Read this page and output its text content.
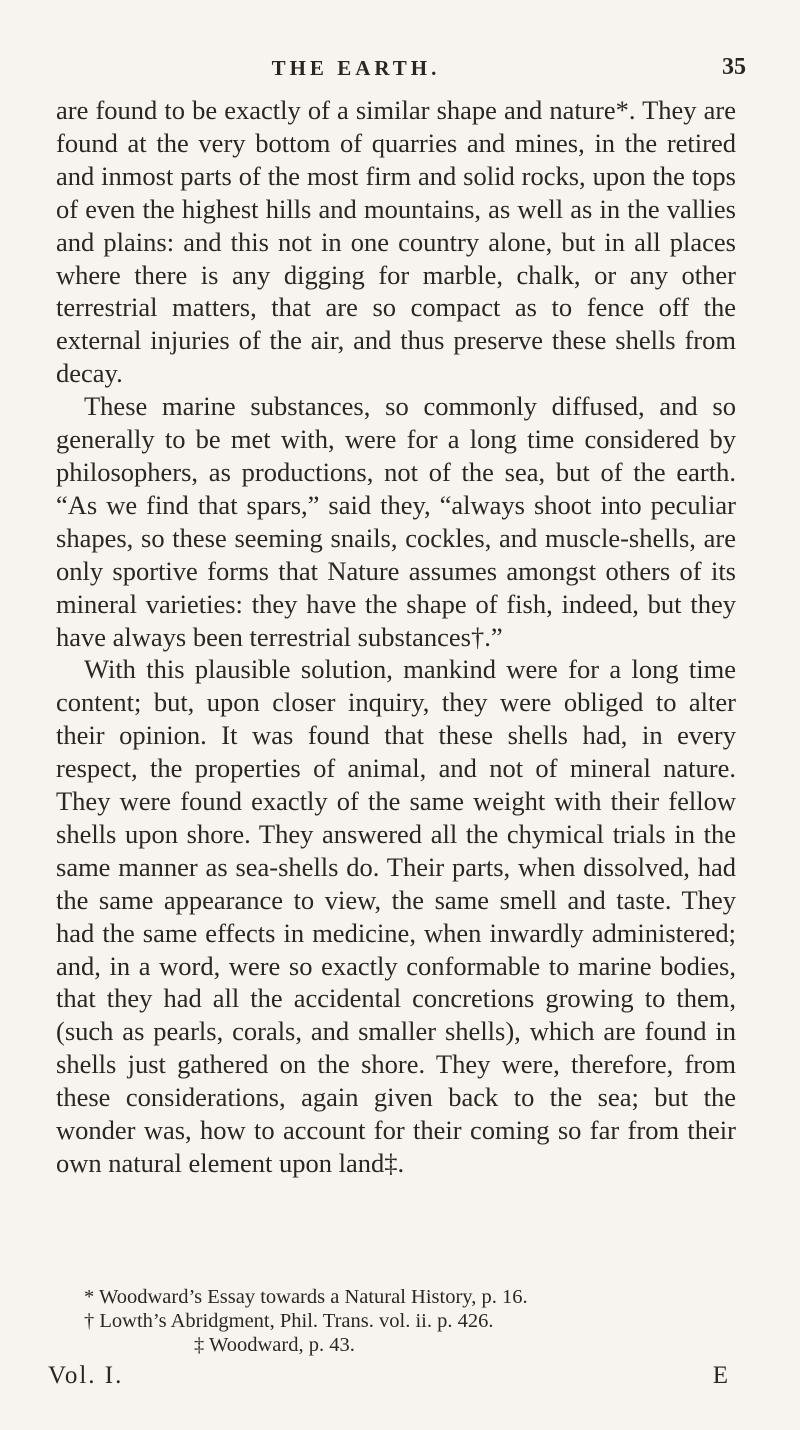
THE EARTH.	35

are found to be exactly of a similar shape and nature*. They are found at the very bottom of quarries and mines, in the retired and inmost parts of the most firm and solid rocks, upon the tops of even the highest hills and mountains, as well as in the vallies and plains: and this not in one country alone, but in all places where there is any digging for marble, chalk, or any other terrestrial matters, that are so compact as to fence off the external injuries of the air, and thus preserve these shells from decay.

These marine substances, so commonly diffused, and so generally to be met with, were for a long time considered by philosophers, as productions, not of the sea, but of the earth. “As we find that spars,” said they, “always shoot into peculiar shapes, so these seeming snails, cockles, and muscle-shells, are only sportive forms that Nature assumes amongst others of its mineral varieties: they have the shape of fish, indeed, but they have always been terrestrial substances†.”

With this plausible solution, mankind were for a long time content; but, upon closer inquiry, they were obliged to alter their opinion. It was found that these shells had, in every respect, the properties of animal, and not of mineral nature. They were found exactly of the same weight with their fellow shells upon shore. They answered all the chymical trials in the same manner as sea-shells do. Their parts, when dissolved, had the same appearance to view, the same smell and taste. They had the same effects in medicine, when inwardly administered; and, in a word, were so exactly conformable to marine bodies, that they had all the accidental concretions growing to them, (such as pearls, corals, and smaller shells), which are found in shells just gathered on the shore. They were, therefore, from these considerations, again given back to the sea; but the wonder was, how to account for their coming so far from their own natural element upon land‡.

* Woodward’s Essay towards a Natural History, p. 16.
† Lowth’s Abridgment, Phil. Trans. vol. ii. p. 426.
‡ Woodward, p. 43.
Vol. I.	E
